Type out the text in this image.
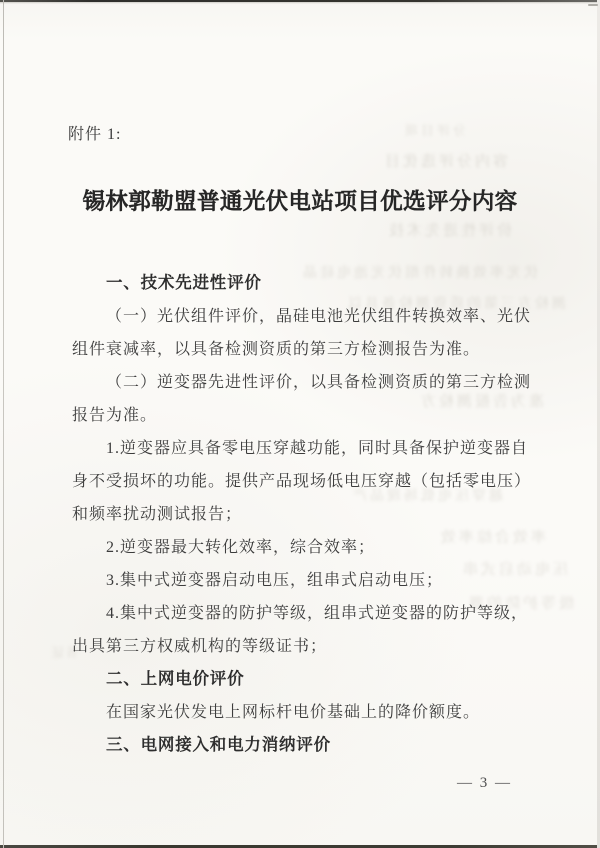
分评目项
容内分评选优目
价评性进先术技
伏光率效换转件组伏光池电硅晶
测检方三第的质资测检备具以
准为告报测检方
越穿压电低场现品产
率效合综率效
压电动启式串
级等护防的器
书证
附件 1:
锡林郭勒盟普通光伏电站项目优选评分内容
一、技术先进性评价
（一）光伏组件评价，晶硅电池光伏组件转换效率、光伏
组件衰减率，以具备检测资质的第三方检测报告为准。
（二）逆变器先进性评价，以具备检测资质的第三方检测
报告为准。
1.逆变器应具备零电压穿越功能，同时具备保护逆变器自
身不受损坏的功能。提供产品现场低电压穿越（包括零电压）
和频率扰动测试报告；
2.逆变器最大转化效率，综合效率；
3.集中式逆变器启动电压，组串式启动电压；
4.集中式逆变器的防护等级，组串式逆变器的防护等级，
出具第三方权威机构的等级证书；
二、上网电价评价
在国家光伏发电上网标杆电价基础上的降价额度。
三、电网接入和电力消纳评价
— 3 —
